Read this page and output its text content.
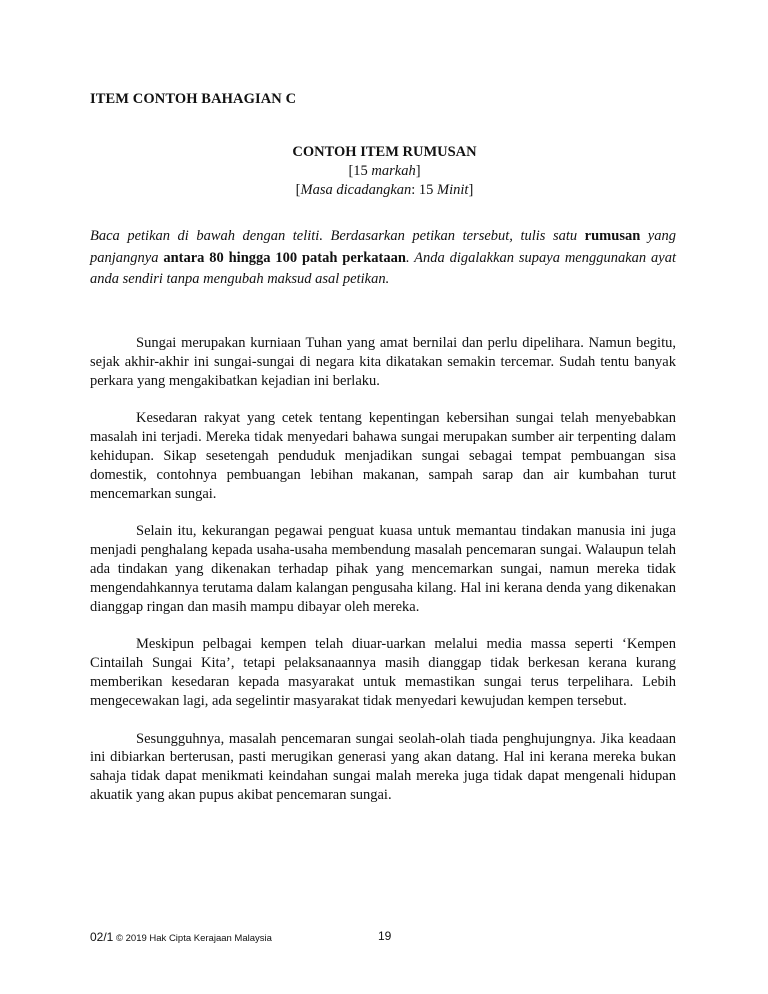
ITEM CONTOH BAHAGIAN C
CONTOH ITEM RUMUSAN
[15 markah]
[Masa dicadangkan: 15 Minit]
Baca petikan di bawah dengan teliti. Berdasarkan petikan tersebut, tulis satu rumusan yang panjangnya antara 80 hingga 100 patah perkataan. Anda digalakkan supaya menggunakan ayat anda sendiri tanpa mengubah maksud asal petikan.

Sungai merupakan kurniaan Tuhan yang amat bernilai dan perlu dipelihara. Namun begitu, sejak akhir-akhir ini sungai-sungai di negara kita dikatakan semakin tercemar. Sudah tentu banyak perkara yang mengakibatkan kejadian ini berlaku.

Kesedaran rakyat yang cetek tentang kepentingan kebersihan sungai telah menyebabkan masalah ini terjadi. Mereka tidak menyedari bahawa sungai merupakan sumber air terpenting dalam kehidupan. Sikap sesetengah penduduk menjadikan sungai sebagai tempat pembuangan sisa domestik, contohnya pembuangan lebihan makanan, sampah sarap dan air kumbahan turut mencemarkan sungai.

Selain itu, kekurangan pegawai penguat kuasa untuk memantau tindakan manusia ini juga menjadi penghalang kepada usaha-usaha membendung masalah pencemaran sungai. Walaupun telah ada tindakan yang dikenakan terhadap pihak yang mencemarkan sungai, namun mereka tidak mengendahkannya terutama dalam kalangan pengusaha kilang. Hal ini kerana denda yang dikenakan dianggap ringan dan masih mampu dibayar oleh mereka.

Meskipun pelbagai kempen telah diuar-uarkan melalui media massa seperti ‘Kempen Cintailah Sungai Kita’, tetapi pelaksanaannya masih dianggap tidak berkesan kerana kurang memberikan kesedaran kepada masyarakat untuk memastikan sungai terus terpelihara. Lebih mengecewakan lagi, ada segelintir masyarakat tidak menyedari kewujudan kempen tersebut.

Sesungguhnya, masalah pencemaran sungai seolah-olah tiada penghujungnya. Jika keadaan ini dibiarkan berterusan, pasti merugikan generasi yang akan datang. Hal ini kerana mereka bukan sahaja tidak dapat menikmati keindahan sungai malah mereka juga tidak dapat mengenali hidupan akuatik yang akan pupus akibat pencemaran sungai.

02/1 © 2019 Hak Cipta Kerajaan Malaysia	19
